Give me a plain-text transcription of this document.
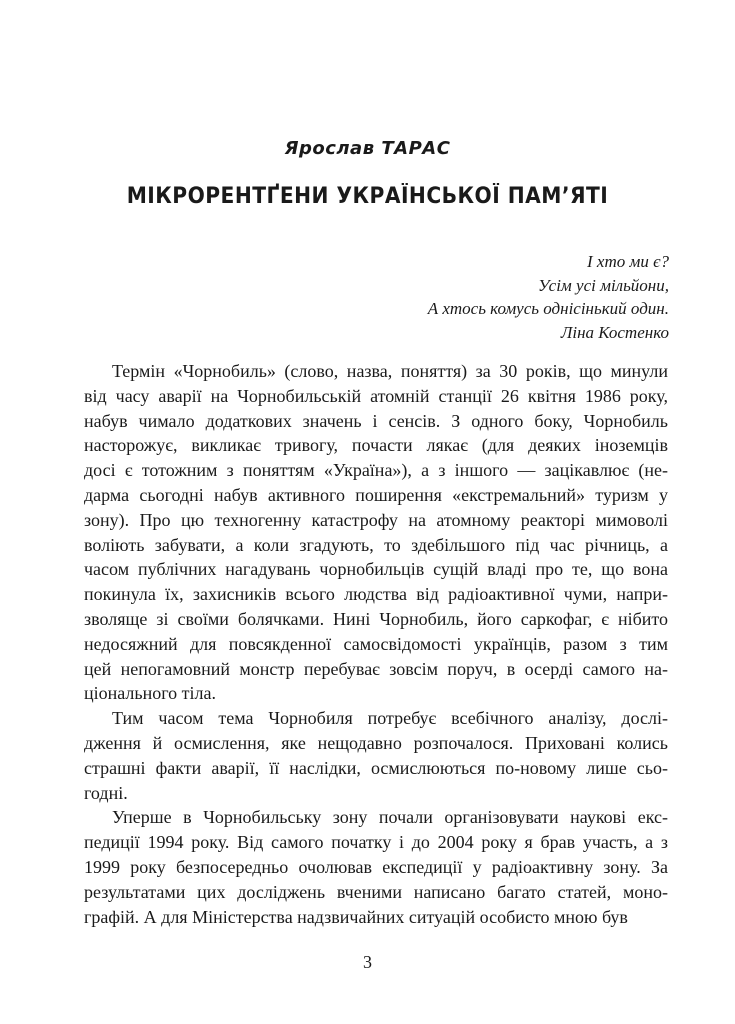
Ярослав ТАРАС
МІКРОРЕНТҐЕНИ УКРАЇНСЬКОЇ ПАМ’ЯТІ
І хто ми є?
Усім усі мільйони,
А хтось комусь однісінький один.
Ліна Костенко
Термін «Чорнобиль» (слово, назва, поняття) за 30 років, що минули
від часу аварії на Чорнобильській атомній станції 26 квітня 1986 року,
набув чимало додаткових значень і сенсів. З одного боку, Чорнобиль
насторожує, викликає тривогу, почасти лякає (для деяких іноземців
досі є тотожним з поняттям «Україна»), а з іншого — зацікавлює (не-
дарма сьогодні набув активного поширення «екстремальний» туризм у
зону). Про цю техногенну катастрофу на атомному реакторі мимоволі
воліють забувати, а коли згадують, то здебільшого під час річниць, а
часом публічних нагадувань чорнобильців сущій владі про те, що вона
покинула їх, захисників всього людства від радіоактивної чуми, напри-
зволяще зі своїми болячками. Нині Чорнобиль, його саркофаг, є нібито
недосяжний для повсякденної самосвідомості українців, разом з тим
цей непогамовний монстр перебуває зовсім поруч, в осерді самого на-
ціонального тіла.
Тим часом тема Чорнобиля потребує всебічного аналізу, дослі-
дження й осмислення, яке нещодавно розпочалося. Приховані колись
страшні факти аварії, її наслідки, осмислюються по-новому лише сьо-
годні.
Уперше в Чорнобильську зону почали організовувати наукові екс-
педиції 1994 року. Від самого початку і до 2004 року я брав участь, а з
1999 року безпосередньо очолював експедиції у радіоактивну зону. За
результатами цих досліджень вченими написано багато статей, моно-
графій. А для Міністерства надзвичайних ситуацій особисто мною був
3
